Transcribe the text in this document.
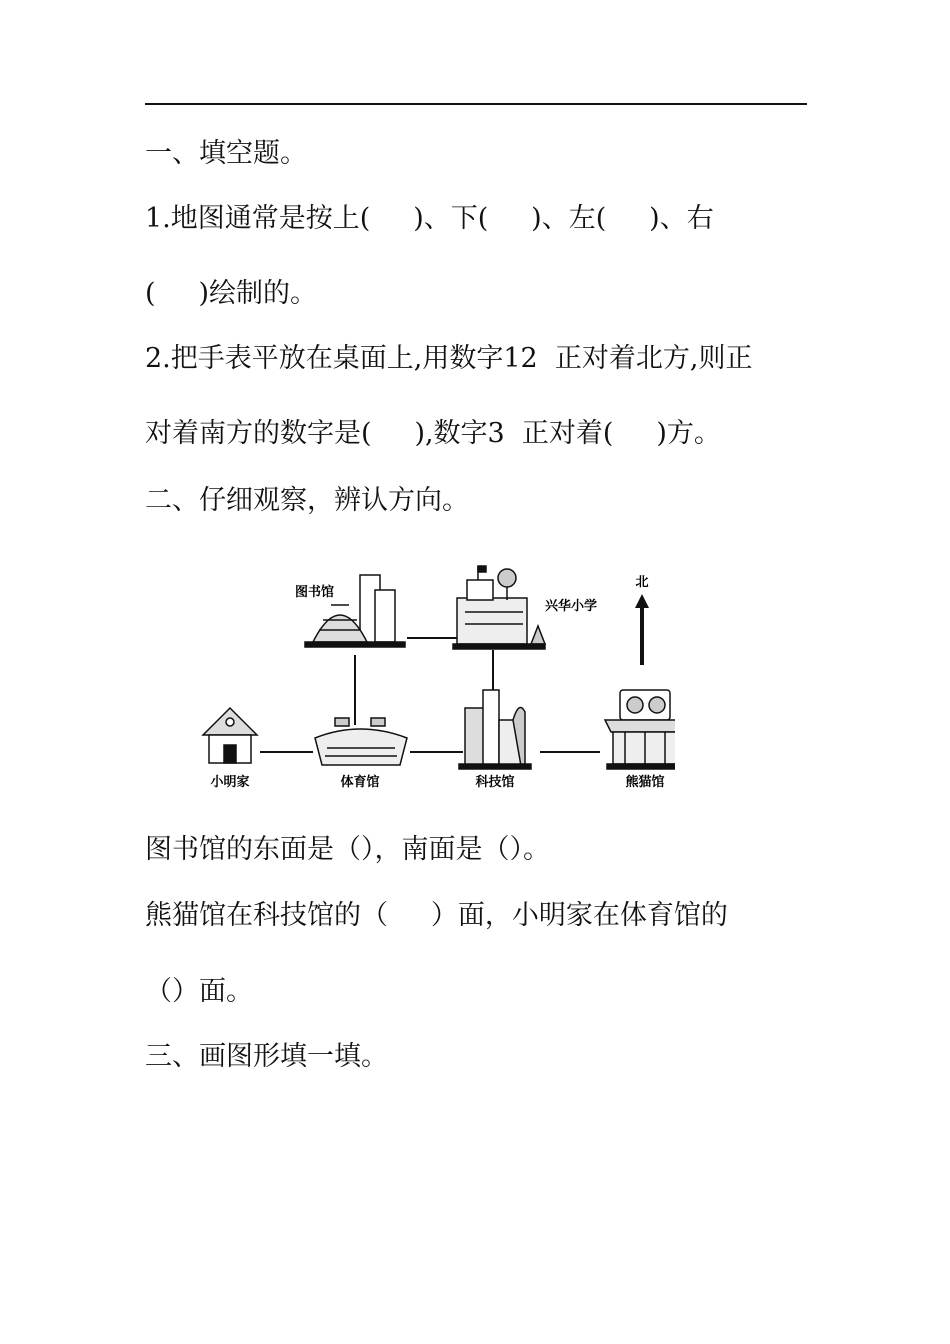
一、填空题。
1.地图通常是按上(     )、下(     )、左(     )、右
(     )绘制的。
2.把手表平放在桌面上,用数字12  正对着北方,则正
对着南方的数字是(     ),数字3  正对着(     )方。
二、仔细观察，辨认方向。
北
图书馆
兴华小学
小明家	体育馆	科技馆	熊猫馆
图书馆的东面是（），南面是（）。
熊猫馆在科技馆的（     ）面，小明家在体育馆的
（）面。
三、画图形填一填。
